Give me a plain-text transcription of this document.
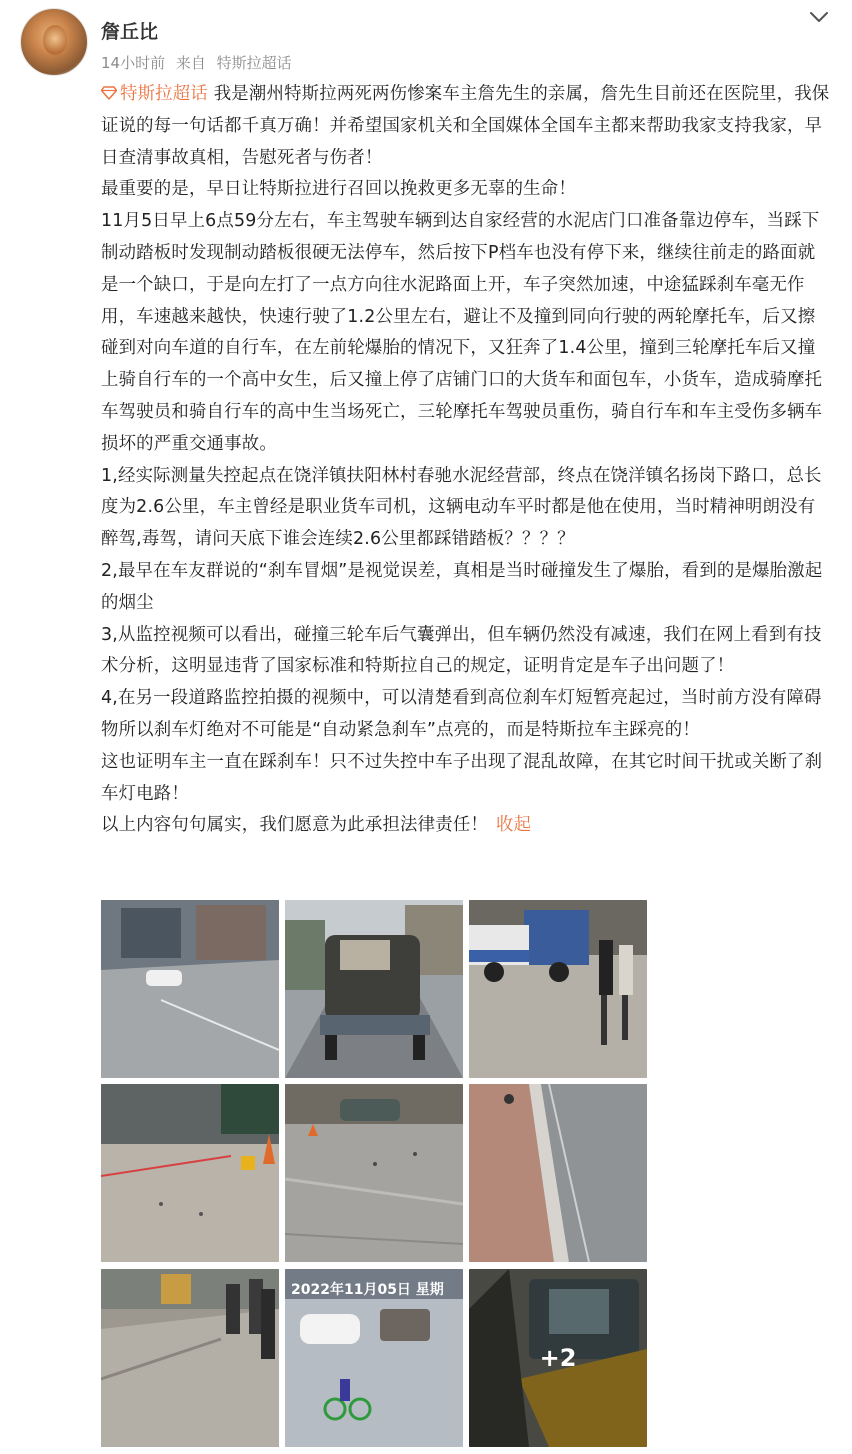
詹丘比
14小时前 来自 特斯拉超话

特斯拉超话 我是潮州特斯拉两死两伤惨案车主詹先生的亲属，詹先生目前还在医院里，我保证说的每一句话都千真万确！并希望国家机关和全国媒体全国车主都来帮助我家支持我家，早日查清事故真相，告慰死者与伤者！

最重要的是，早日让特斯拉进行召回以挽救更多无辜的生命！

11月5日早上6点59分左右，车主驾驶车辆到达自家经营的水泥店门口准备靠边停车，当踩下制动踏板时发现制动踏板很硬无法停车，然后按下P档车也没有停下来，继续往前走的路面就是一个缺口，于是向左打了一点方向往水泥路面上开，车子突然加速，中途猛踩刹车毫无作用，车速越来越快，快速行驶了1.2公里左右，避让不及撞到同向行驶的两轮摩托车，后又擦碰到对向车道的自行车，在左前轮爆胎的情况下，又狂奔了1.4公里，撞到三轮摩托车后又撞上骑自行车的一个高中女生，后又撞上停了店铺门口的大货车和面包车，小货车，造成骑摩托车驾驶员和骑自行车的高中生当场死亡，三轮摩托车驾驶员重伤，骑自行车和车主受伤多辆车损坏的严重交通事故。

1,经实际测量失控起点在饶洋镇扶阳林村春驰水泥经营部，终点在饶洋镇名扬岗下路口，总长度为2.6公里，车主曾经是职业货车司机，这辆电动车平时都是他在使用，当时精神明朗没有醉驾,毒驾，请问天底下谁会连续2.6公里都踩错踏板？？？？

2,最早在车友群说的“刹车冒烟”是视觉误差，真相是当时碰撞发生了爆胎，看到的是爆胎激起的烟尘

3,从监控视频可以看出，碰撞三轮车后气囊弹出，但车辆仍然没有减速，我们在网上看到有技术分析，这明显违背了国家标准和特斯拉自己的规定，证明肯定是车子出问题了！

4,在另一段道路监控拍摄的视频中，可以清楚看到高位刹车灯短暂亮起过，当时前方没有障碍物所以刹车灯绝对不可能是“自动紧急刹车”点亮的，而是特斯拉车主踩亮的！

这也证明车主一直在踩刹车！只不过失控中车子出现了混乱故障，在其它时间干扰或关断了刹车灯电路！

以上内容句句属实，我们愿意为此承担法律责任！ 收起

2022年11月05日 星期
+2
